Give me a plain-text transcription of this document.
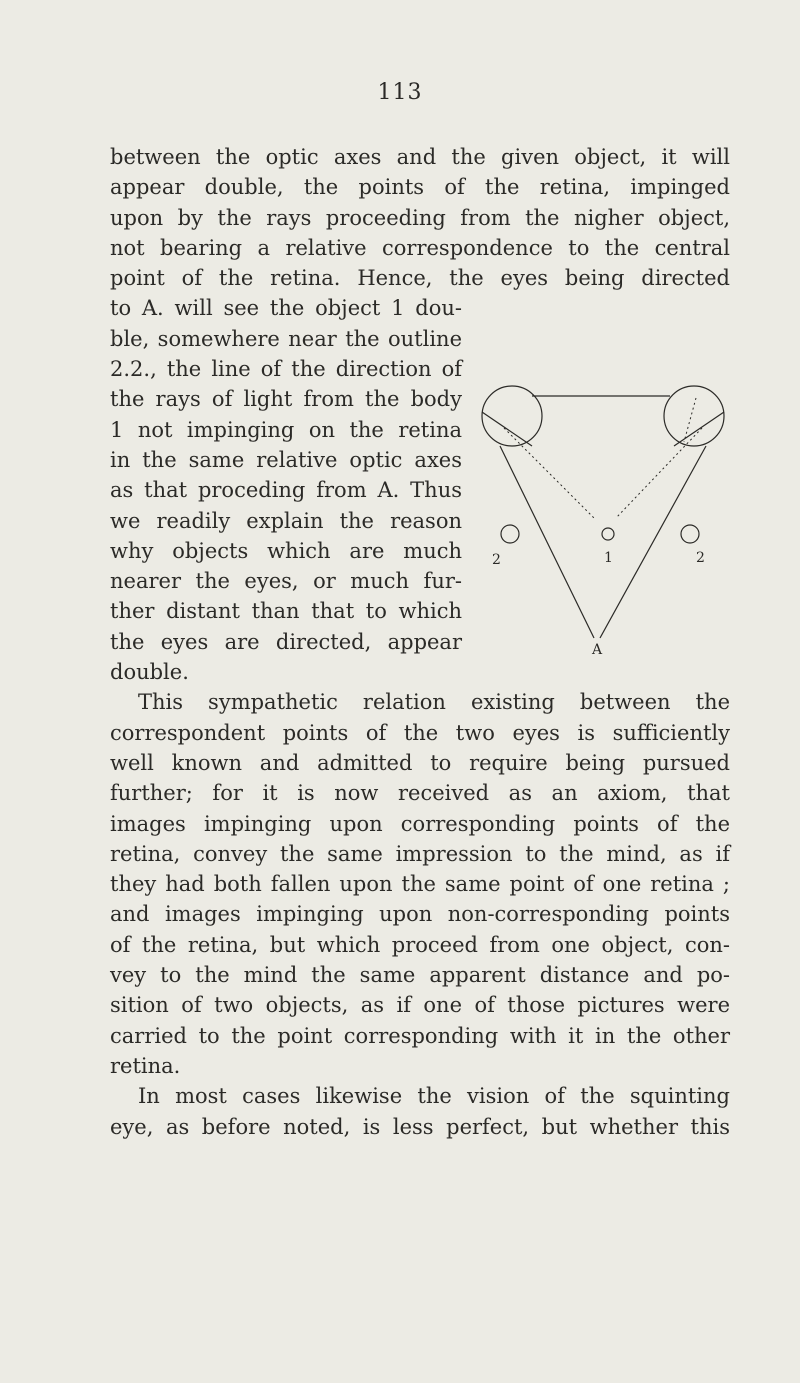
113
between the optic axes and the given object, it will
appear double, the points of the retina, impinged
upon by the rays proceeding from the nigher object,
not bearing a relative correspondence to the central
point of the retina. Hence, the eyes being directed
to A. will see the object 1 dou-
ble, somewhere near the outline
2.2., the line of the direction of
the rays of light from the body
1 not impinging on the retina
in the same relative optic axes
as that proceding from A. Thus
we readily explain the reason
why objects which are much
nearer the eyes, or much fur-
ther distant than that to which
the eyes are directed, appear
double.
This sympathetic relation existing between the
correspondent points of the two eyes is sufficiently
well known and admitted to require being pursued
further; for it is now received as an axiom, that
images impinging upon corresponding points of the
retina, convey the same impression to the mind, as if
they had both fallen upon the same point of one retina ;
and images impinging upon non-corresponding points
of the retina, but which proceed from one object, con-
vey to the mind the same apparent distance and po-
sition of two objects, as if one of those pictures were
carried to the point corresponding with it in the other
retina.
In most cases likewise the vision of the squinting
eye, as before noted, is less perfect, but whether this
2	1	2
A
